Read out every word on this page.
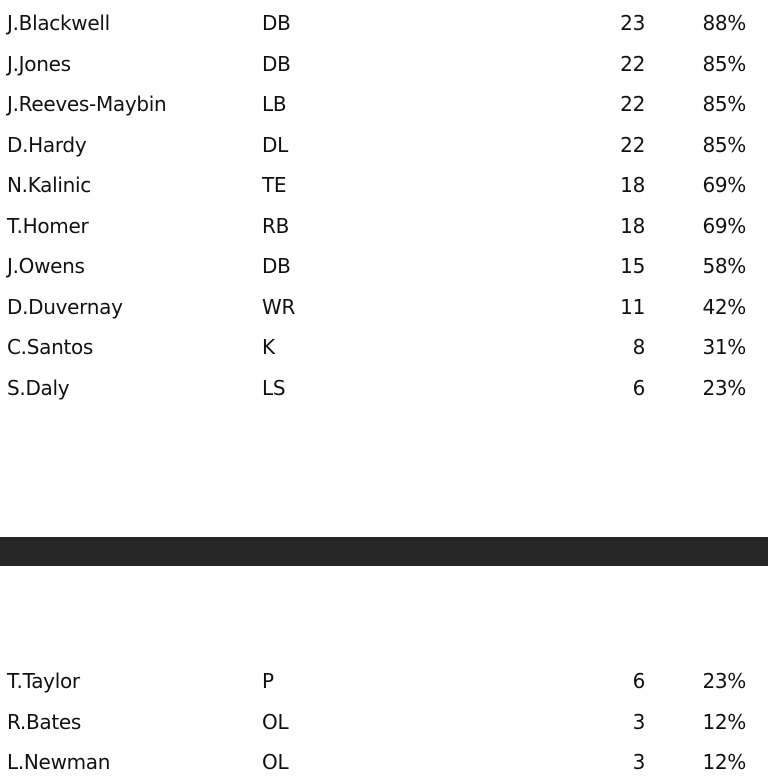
J.Blackwell	DB	23	88%
J.Jones	DB	22	85%
J.Reeves-Maybin	LB	22	85%
D.Hardy	DL	22	85%
N.Kalinic	TE	18	69%
T.Homer	RB	18	69%
J.Owens	DB	15	58%
D.Duvernay	WR	11	42%
C.Santos	K	8	31%
S.Daly	LS	6	23%
T.Taylor	P	6	23%
R.Bates	OL	3	12%
L.Newman	OL	3	12%
